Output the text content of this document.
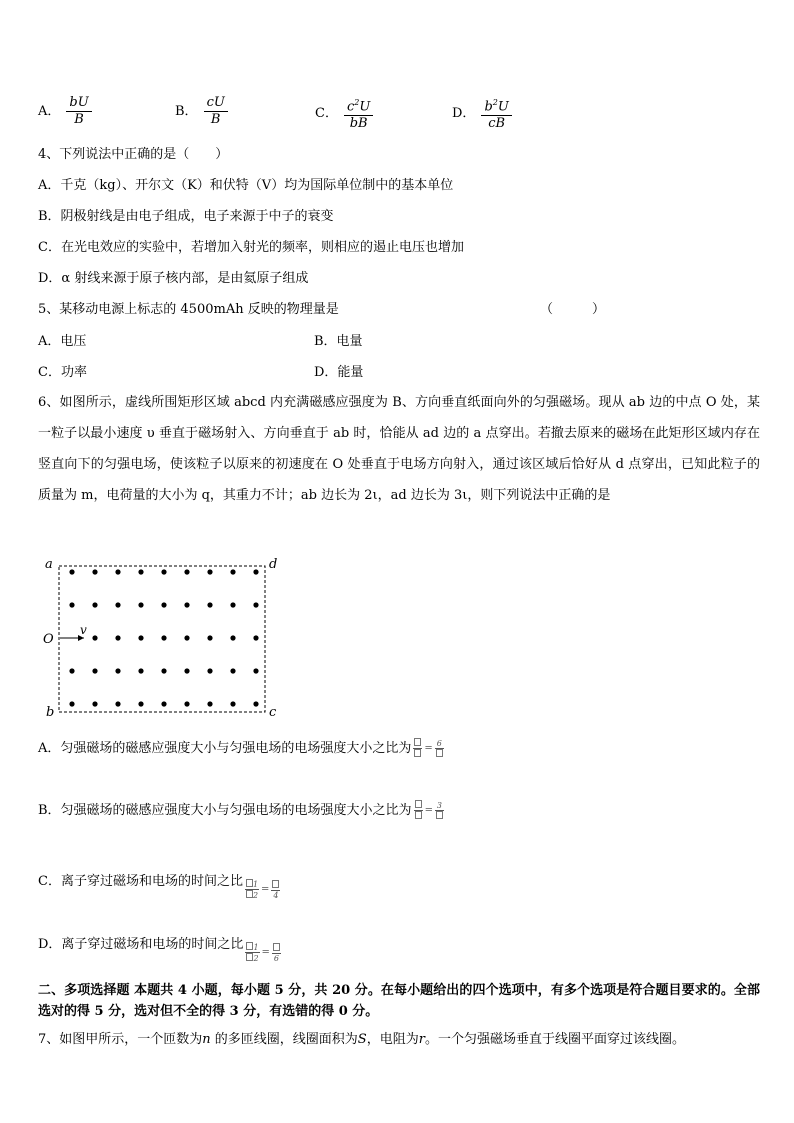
A． $\frac{bU}{B}$	B． $\frac{cU}{B}$	C． $\frac{c^2U}{bB}$	D． $\frac{b^2U}{cB}$
4、下列说法中正确的是（　　）
A．千克（kg）、开尔文（K）和伏特（V）均为国际单位制中的基本单位
B．阴极射线是由电子组成，电子来源于中子的衰变
C．在光电效应的实验中，若增加入射光的频率，则相应的遏止电压也增加
D．α 射线来源于原子核内部，是由氦原子组成
5、某移动电源上标志的 4500mAh 反映的物理量是	（　　　）
A．电压	B．电量
C．功率	D．能量
6、如图所示，虚线所围矩形区域 abcd 内充满磁感应强度为 B、方向垂直纸面向外的匀强磁场。现从 ab 边的中点 O 处，某一粒子以最小速度 υ 垂直于磁场射入、方向垂直于 ab 时，恰能从 ad 边的 a 点穿出。若撤去原来的磁场在此矩形区域内存在竖直向下的匀强电场，使该粒子以原来的初速度在 O 处垂直于电场方向射入，通过该区域后恰好从 d 点穿出，已知此粒子的质量为 m，电荷量的大小为 q，其重力不计；ab 边长为 2ι，ad 边长为 3ι，则下列说法中正确的是
a	d
O
v
b	c
A．匀强磁场的磁感应强度大小与匀强电场的电场强度大小之比为 = 6
B．匀强磁场的磁感应强度大小与匀强电场的电场强度大小之比为 = 3
C．离子穿过磁场和电场的时间之比 $\frac{1}{2}$ =
4
D．离子穿过磁场和电场的时间之比 $\frac{1}{2}$ =
6
二、多项选择题 本题共 4 小题，每小题 5 分，共 20 分。在每小题给出的四个选项中，有多个选项是符合题目要求的。全部选对的得 5 分，选对但不全的得 3 分，有选错的得 0 分。
7、如图甲所示，一个匝数为n 的多匝线圈，线圈面积为S，电阻为r。一个匀强磁场垂直于线圈平面穿过该线圈。
